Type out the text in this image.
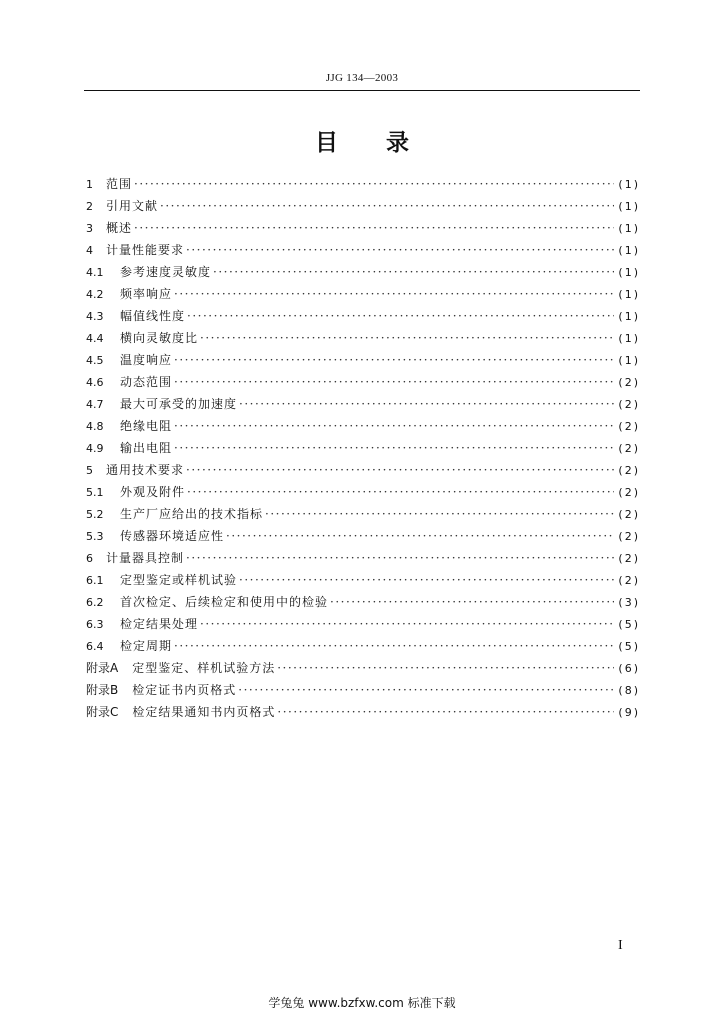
JJG 134—2003
目录
1	范围 ·····	(1)
2	引用文献 ·····	(1)
3	概述 ·····	(1)
4	计量性能要求 ·····	(1)
4.1	参考速度灵敏度 ·····	(1)
4.2	频率响应 ·····	(1)
4.3	幅值线性度 ·····	(1)
4.4	横向灵敏度比 ·····	(1)
4.5	温度响应 ·····	(1)
4.6	动态范围 ·····	(2)
4.7	最大可承受的加速度 ·····	(2)
4.8	绝缘电阻 ·····	(2)
4.9	输出电阻 ·····	(2)
5	通用技术要求 ·····	(2)
5.1	外观及附件 ·····	(2)
5.2	生产厂应给出的技术指标 ·····	(2)
5.3	传感器环境适应性 ·····	(2)
6	计量器具控制 ·····	(2)
6.1	定型鉴定或样机试验 ·····	(2)
6.2	首次检定、后续检定和使用中的检验 ·····	(3)
6.3	检定结果处理 ·····	(5)
6.4	检定周期 ·····	(5)
附录A 定型鉴定、样机试验方法 ·····	(6)
附录B 检定证书内页格式 ·····	(8)
附录C 检定结果通知书内页格式 ·····	(9)
I
学兔兔 www.bzfxw.com 标准下载
